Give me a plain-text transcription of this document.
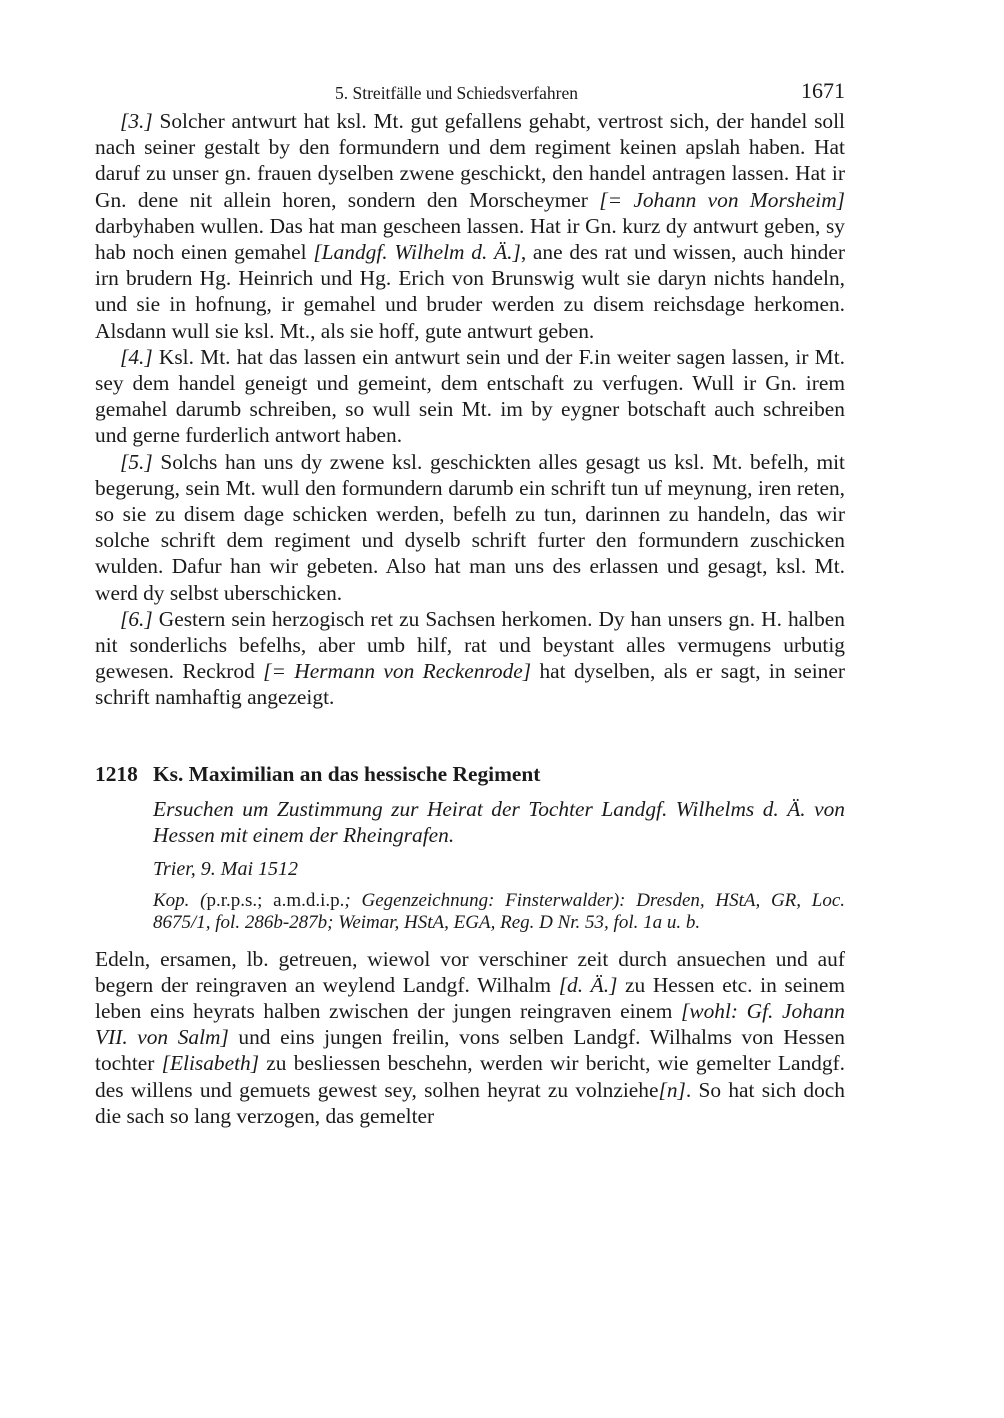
5. Streitfälle und Schiedsverfahren	1671

[3.] Solcher antwurt hat ksl. Mt. gut gefallens gehabt, vertrost sich, der handel soll nach seiner gestalt by den formundern und dem regiment keinen apslah haben. Hat daruf zu unser gn. frauen dyselben zwene geschickt, den handel antragen lassen. Hat ir Gn. dene nit allein horen, sondern den Morscheymer [= Johann von Morsheim] darbyhaben wullen. Das hat man gescheen lassen. Hat ir Gn. kurz dy antwurt geben, sy hab noch einen gemahel [Landgf. Wilhelm d. Ä.], ane des rat und wissen, auch hinder irn brudern Hg. Heinrich und Hg. Erich von Brunswig wult sie daryn nichts handeln, und sie in hofnung, ir gemahel und bruder werden zu disem reichsdage herkomen. Alsdann wull sie ksl. Mt., als sie hoff, gute antwurt geben.

[4.] Ksl. Mt. hat das lassen ein antwurt sein und der F.in weiter sagen lassen, ir Mt. sey dem handel geneigt und gemeint, dem entschaft zu verfugen. Wull ir Gn. irem gemahel darumb schreiben, so wull sein Mt. im by eygner botschaft auch schreiben und gerne furderlich antwort haben.

[5.] Solchs han uns dy zwene ksl. geschickten alles gesagt us ksl. Mt. befelh, mit begerung, sein Mt. wull den formundern darumb ein schrift tun uf meynung, iren reten, so sie zu disem dage schicken werden, befelh zu tun, darinnen zu handeln, das wir solche schrift dem regiment und dyselb schrift furter den formundern zuschicken wulden. Dafur han wir gebeten. Also hat man uns des erlassen und gesagt, ksl. Mt. werd dy selbst uberschicken.

[6.] Gestern sein herzogisch ret zu Sachsen herkomen. Dy han unsers gn. H. halben nit sonderlichs befelhs, aber umb hilf, rat und beystant alles vermugens urbutig gewesen. Reckrod [= Hermann von Reckenrode] hat dyselben, als er sagt, in seiner schrift namhaftig angezeigt.

1218 Ks. Maximilian an das hessische Regiment
Ersuchen um Zustimmung zur Heirat der Tochter Landgf. Wilhelms d. Ä. von Hessen mit einem der Rheingrafen.
Trier, 9. Mai 1512
Kop. (p.r.p.s.; a.m.d.i.p.; Gegenzeichnung: Finsterwalder): Dresden, HStA, GR, Loc. 8675/1, fol. 286b-287b; Weimar, HStA, EGA, Reg. D Nr. 53, fol. 1a u. b.

Edeln, ersamen, lb. getreuen, wiewol vor verschiner zeit durch ansuechen und auf begern der reingraven an weylend Landgf. Wilhalm [d. Ä.] zu Hessen etc. in seinem leben eins heyrats halben zwischen der jungen reingraven einem [wohl: Gf. Johann VII. von Salm] und eins jungen freilin, vons selben Landgf. Wilhalms von Hessen tochter [Elisabeth] zu besliessen beschehn, werden wir bericht, wie gemelter Landgf. des willens und gemuets gewest sey, solhen heyrat zu volnziehe[n]. So hat sich doch die sach so lang verzogen, das gemelter
